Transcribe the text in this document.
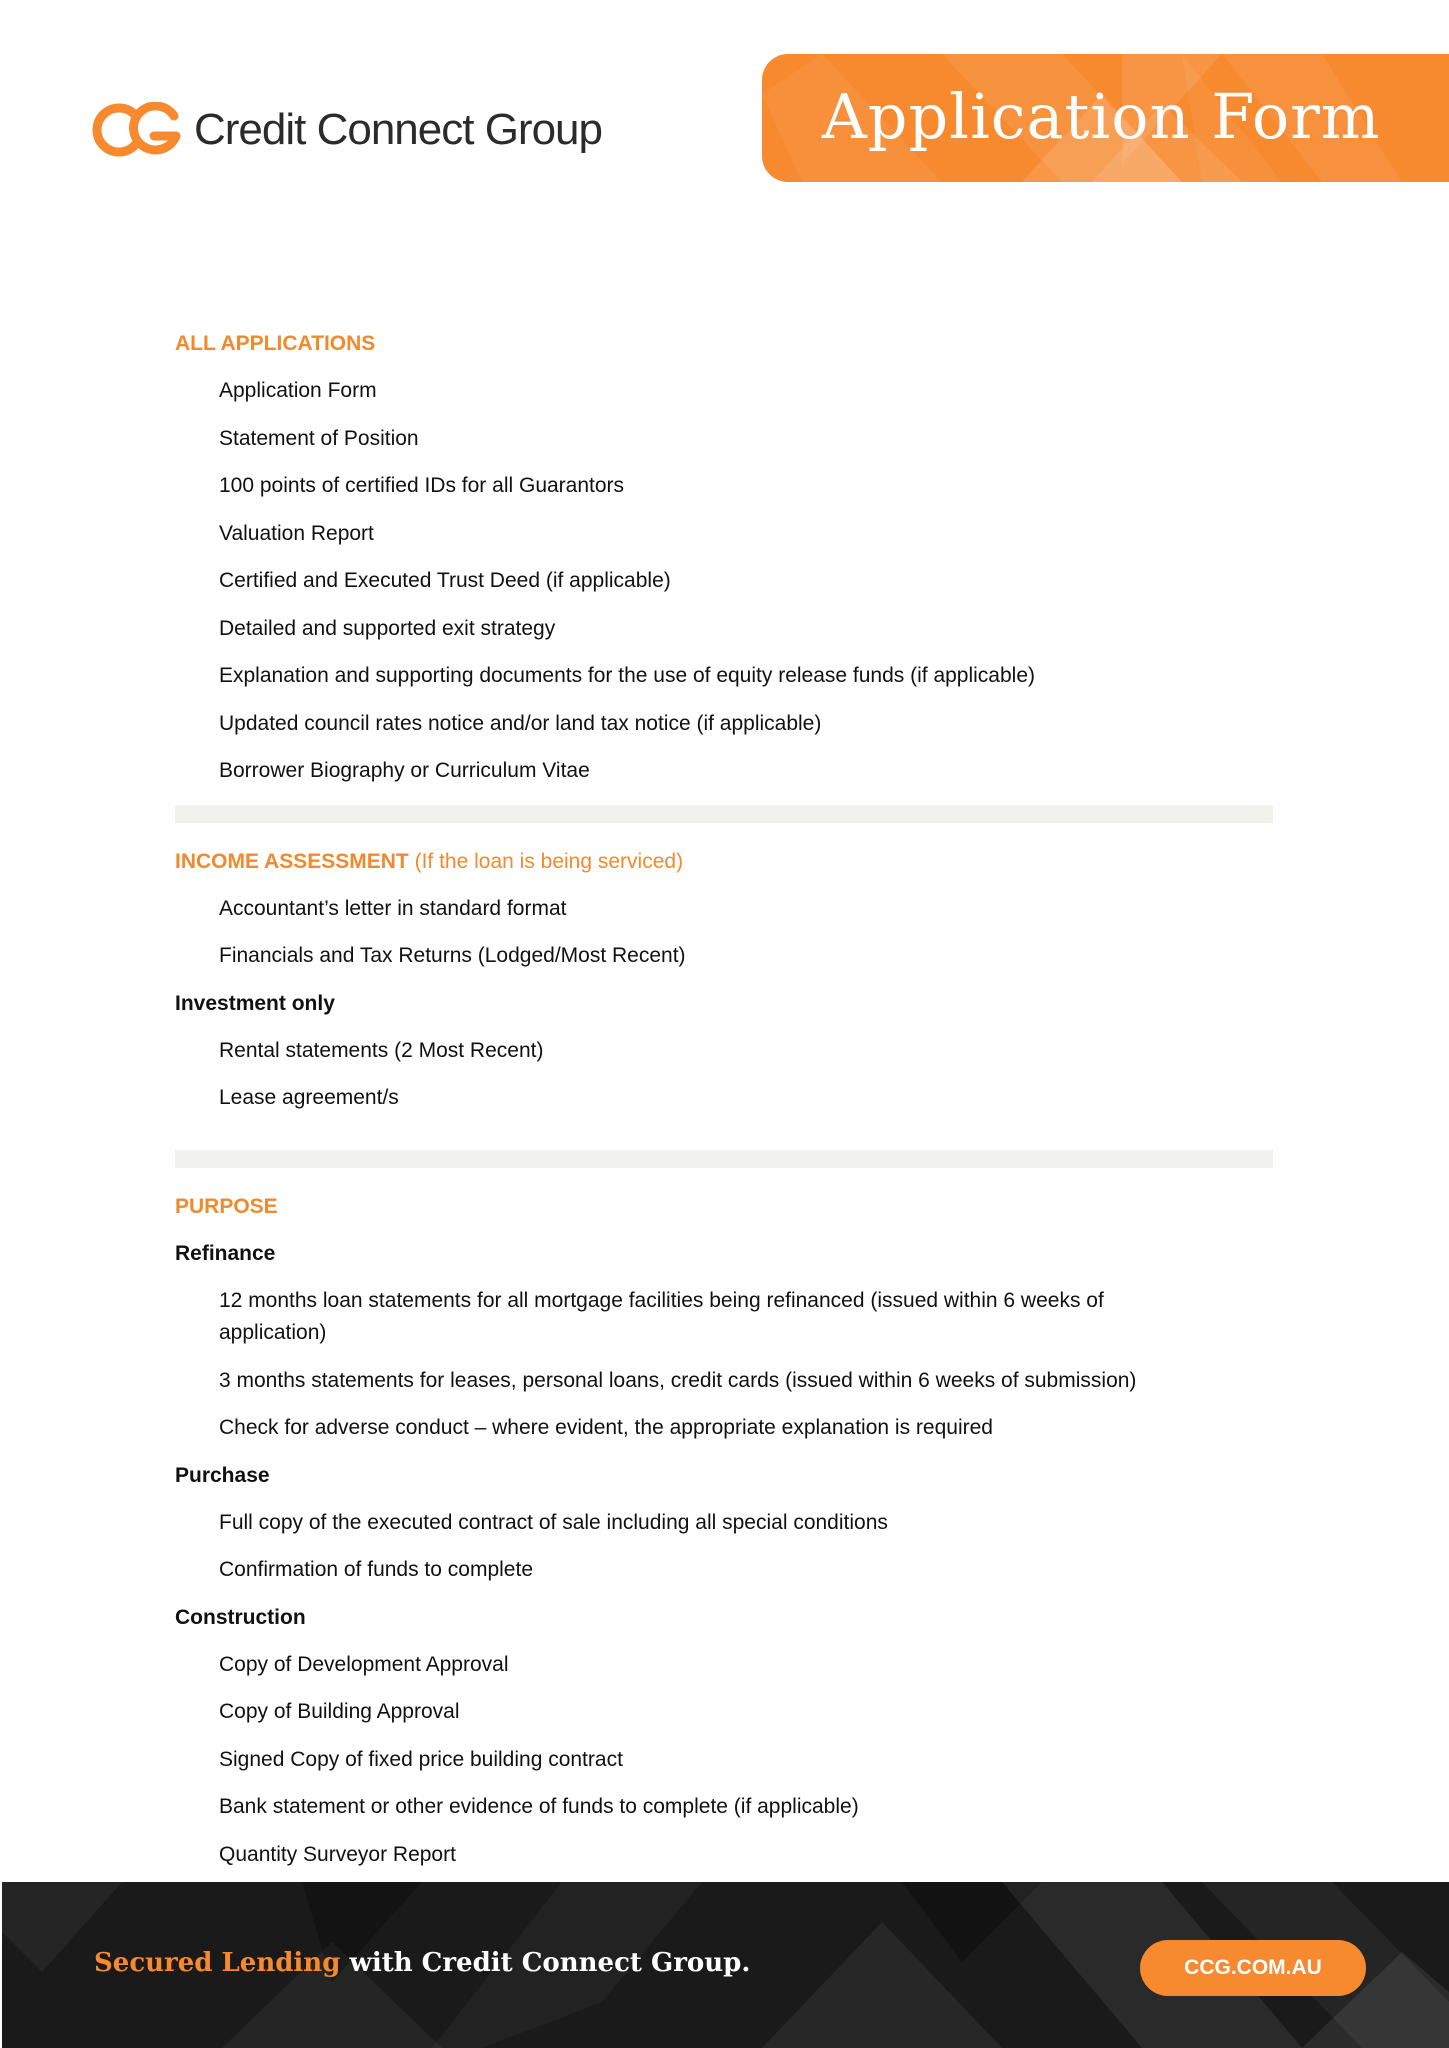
Credit Connect Group	Application Form
ALL APPLICATIONS
Application Form
Statement of Position
100 points of certified IDs for all Guarantors
Valuation Report
Certified and Executed Trust Deed (if applicable)
Detailed and supported exit strategy
Explanation and supporting documents for the use of equity release funds (if applicable)
Updated council rates notice and/or land tax notice (if applicable)
Borrower Biography or Curriculum Vitae
INCOME ASSESSMENT (If the loan is being serviced)
Accountant’s letter in standard format
Financials and Tax Returns (Lodged/Most Recent)
Investment only
Rental statements (2 Most Recent)
Lease agreement/s
PURPOSE
Refinance
12 months loan statements for all mortgage facilities being refinanced (issued within 6 weeks of application)
3 months statements for leases, personal loans, credit cards (issued within 6 weeks of submission)
Check for adverse conduct – where evident, the appropriate explanation is required
Purchase
Full copy of the executed contract of sale including all special conditions
Confirmation of funds to complete
Construction
Copy of Development Approval
Copy of Building Approval
Signed Copy of fixed price building contract
Bank statement or other evidence of funds to complete (if applicable)
Quantity Surveyor Report
Secured Lending with Credit Connect Group.	CCG.COM.AU
